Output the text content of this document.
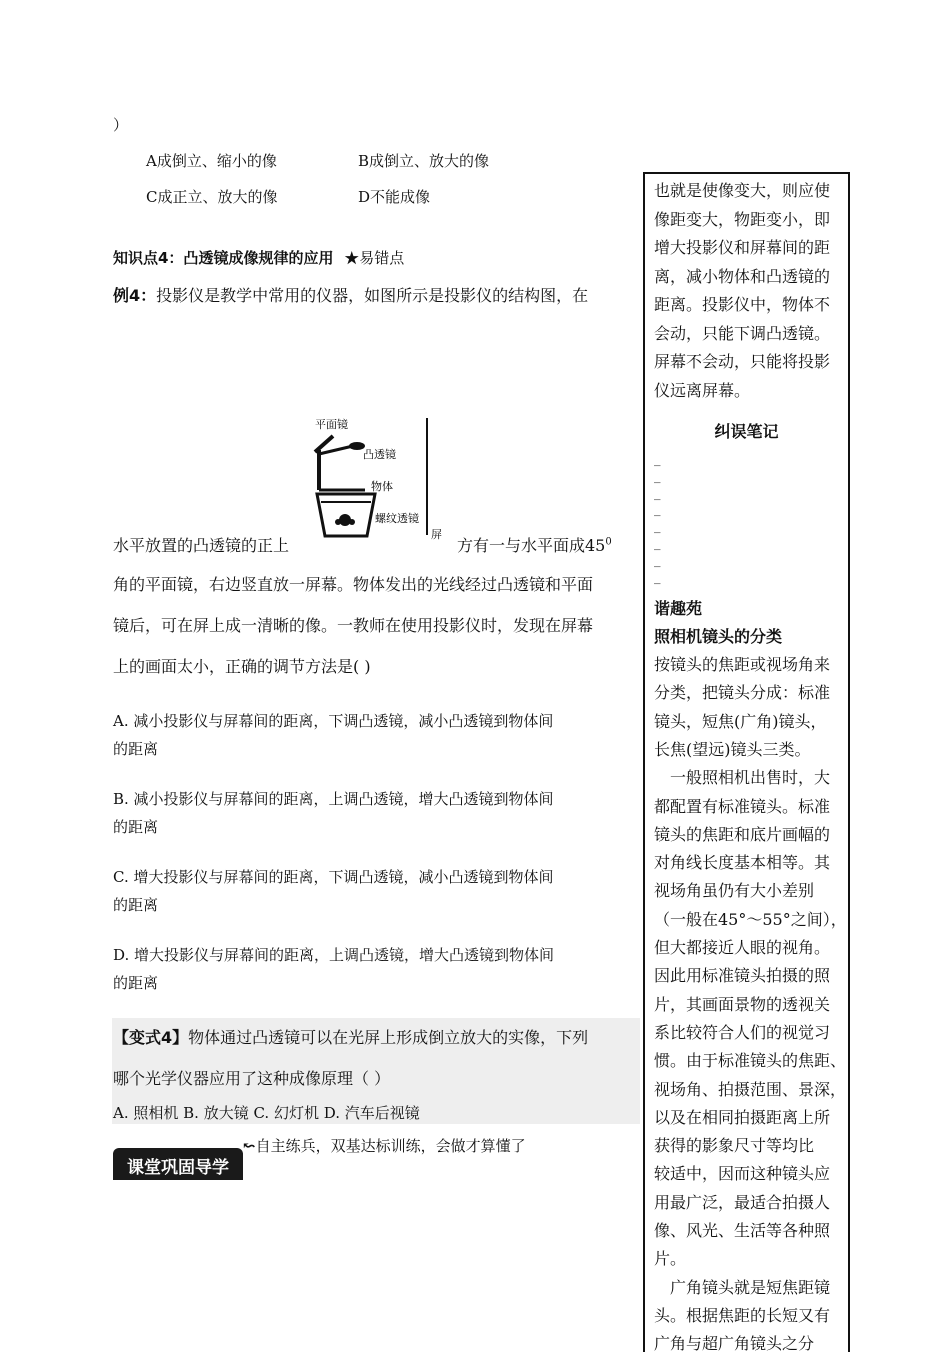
）
A成倒立、缩小的像	B成倒立、放大的像
C成正立、放大的像	D不能成像
知识点4：凸透镜成像规律的应用 ★易错点
例4：投影仪是教学中常用的仪器，如图所示是投影仪的结构图，在
平面镜
凸透镜
物体
螺纹透镜
屏
水平放置的凸透镜的正上	方有一与水平面成$45^0$
角的平面镜，右边竖直放一屏幕。物体发出的光线经过凸透镜和平面
镜后，可在屏上成一清晰的像。一教师在使用投影仪时，发现在屏幕
上的画面太小，正确的调节方法是( )
A. 减小投影仪与屏幕间的距离，下调凸透镜，减小凸透镜到物体间
的距离
B. 减小投影仪与屏幕间的距离，上调凸透镜，增大凸透镜到物体间
的距离
C. 增大投影仪与屏幕间的距离，下调凸透镜，减小凸透镜到物体间
的距离
D. 增大投影仪与屏幕间的距离，上调凸透镜，增大凸透镜到物体间
的距离
【变式4】物体通过凸透镜可以在光屏上形成倒立放大的实像，下列
哪个光学仪器应用了这种成像原理（ ）
A. 照相机 B. 放大镜 C. 幻灯机 D. 汽车后视镜
↜自主练兵，双基达标训练，会做才算懂了
课堂巩固导学
也就是使像变大，则应使
像距变大，物距变小，即
增大投影仪和屏幕间的距
离，减小物体和凸透镜的
距离。投影仪中，物体不
会动，只能下调凸透镜。
屏幕不会动，只能将投影
仪远离屏幕。
纠误笔记
_
_
_
_
_
_
_
_
谐趣苑
照相机镜头的分类
按镜头的焦距或视场角来
分类，把镜头分成：标准
镜头，短焦(广角)镜头，
长焦(望远)镜头三类。
　一般照相机出售时，大
都配置有标准镜头。标准
镜头的焦距和底片画幅的
对角线长度基本相等。其
视场角虽仍有大小差别
（一般在45°～55°之间），
但大都接近人眼的视角。
因此用标准镜头拍摄的照
片，其画面景物的透视关
系比较符合人们的视觉习
惯。由于标准镜头的焦距、
视场角、拍摄范围、景深，
以及在相同拍摄距离上所
获得的影象尺寸等均比
较适中，因而这种镜头应
用最广泛，最适合拍摄人
像、风光、生活等各种照
片。
　广角镜头就是短焦距镜
头。根据焦距的长短又有
广角与超广角镜头之分
